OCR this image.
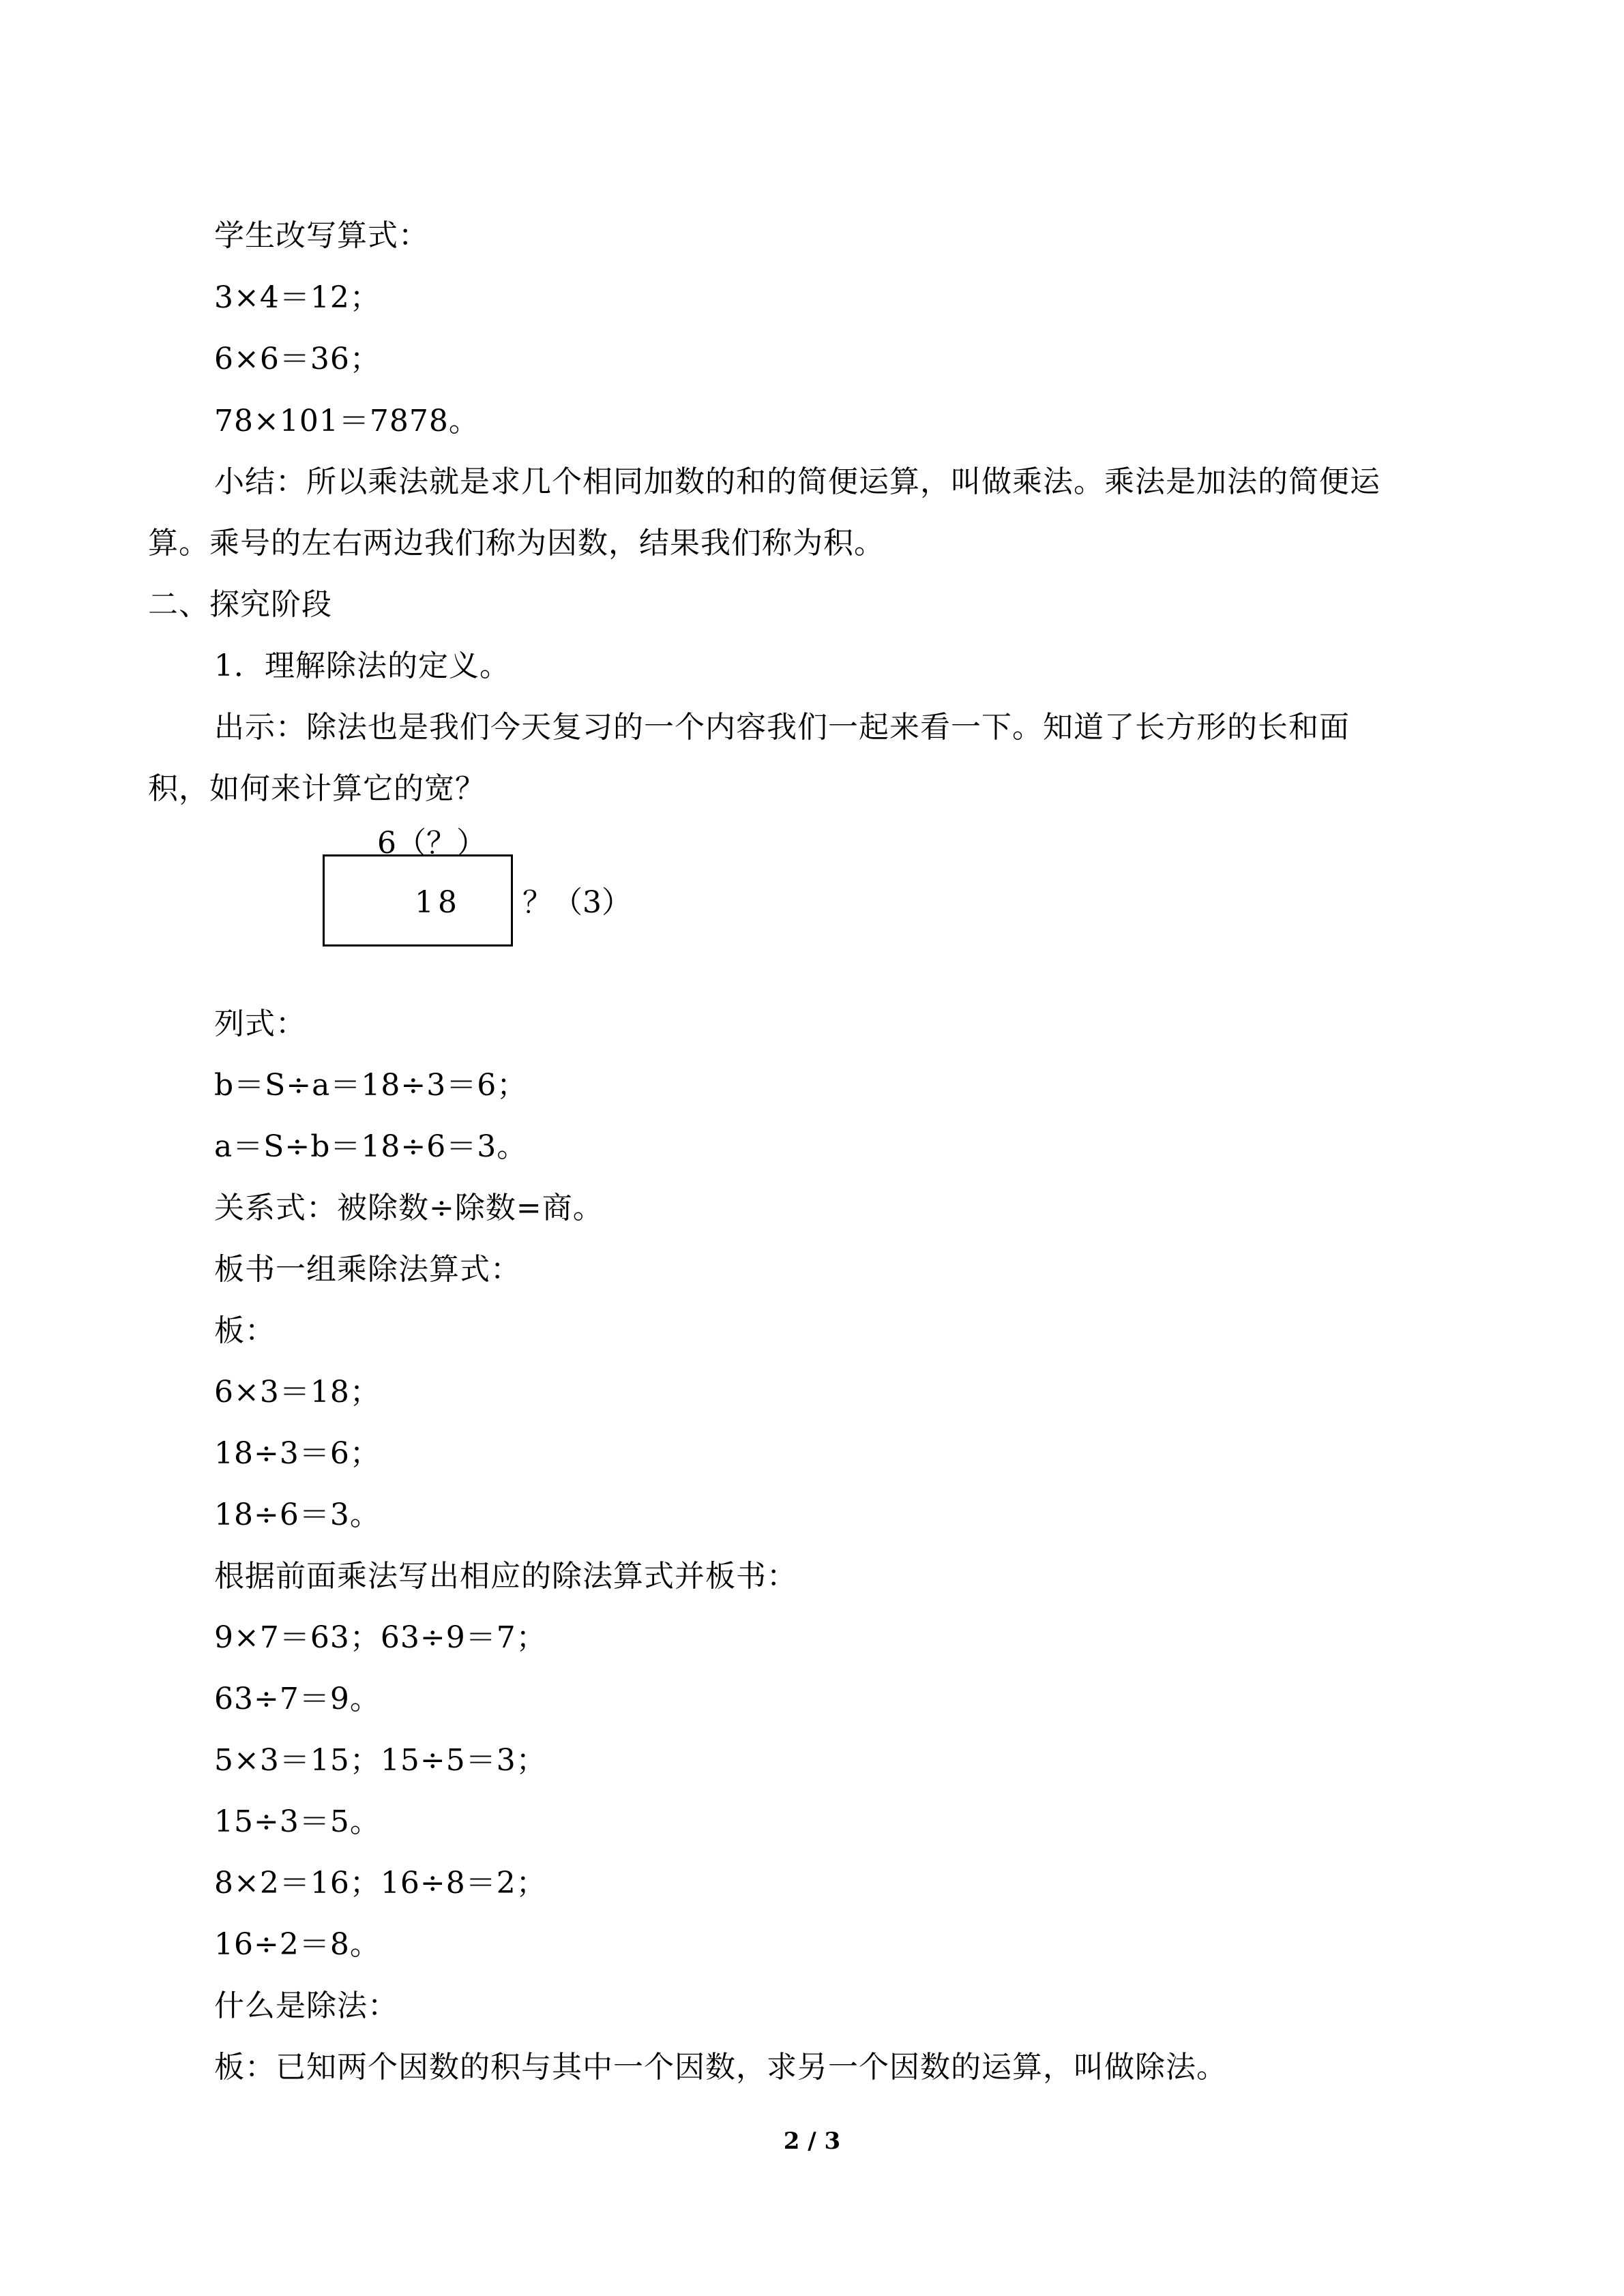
学生改写算式：
3×4＝12；
6×6＝36；
78×101＝7878。
小结：所以乘法就是求几个相同加数的和的简便运算，叫做乘法。乘法是加法的简便运
算。乘号的左右两边我们称为因数，结果我们称为积。
二、探究阶段
1．理解除法的定义。
出示：除法也是我们今天复习的一个内容我们一起来看一下。知道了长方形的长和面
积，如何来计算它的宽？
6（？）
18 ？（3）
列式：
b＝S÷a＝18÷3＝6；
a＝S÷b＝18÷6＝3。
关系式：被除数÷除数=商。
板书一组乘除法算式：
板：
6×3＝18；
18÷3＝6；
18÷6＝3。
根据前面乘法写出相应的除法算式并板书：
9×7＝63；63÷9＝7；
63÷7＝9。
5×3＝15；15÷5＝3；
15÷3＝5。
8×2＝16；16÷8＝2；
16÷2＝8。
什么是除法：
板：已知两个因数的积与其中一个因数，求另一个因数的运算，叫做除法。
2 / 3
